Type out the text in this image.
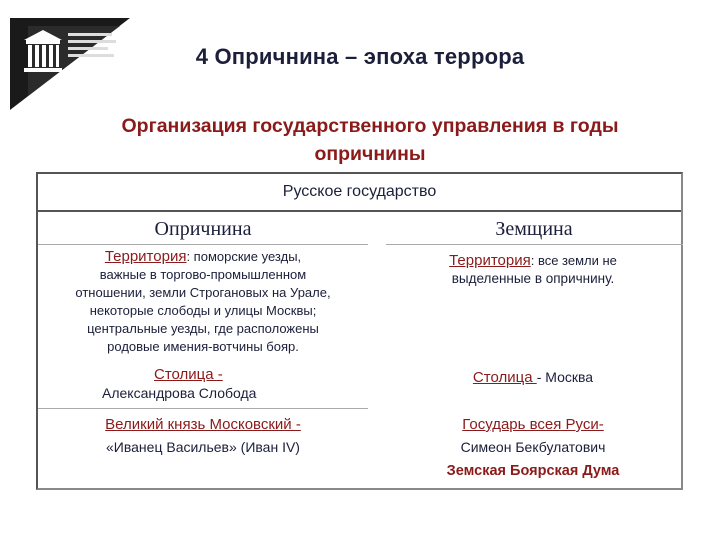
4 Опричнина – эпоха террора
Организация государственного управления в годы
опричнины
Русское государство
Опричнина	Земщина
Территория: поморские уезды,
важные в торгово-промышленном
отношении, земли Строгановых на Урале,
некоторые слободы и улицы Москвы;
центральные уезды, где расположены
родовые имения-вотчины бояр.
Территория: все земли не
выделенные в опричнину.
Столица -
Александрова Слобода
Столица - Москва
Великий князь Московский -
«Иванец Васильев» (Иван IV)
Государь всея Руси-
Симеон Бекбулатович
Земская Боярская Дума
